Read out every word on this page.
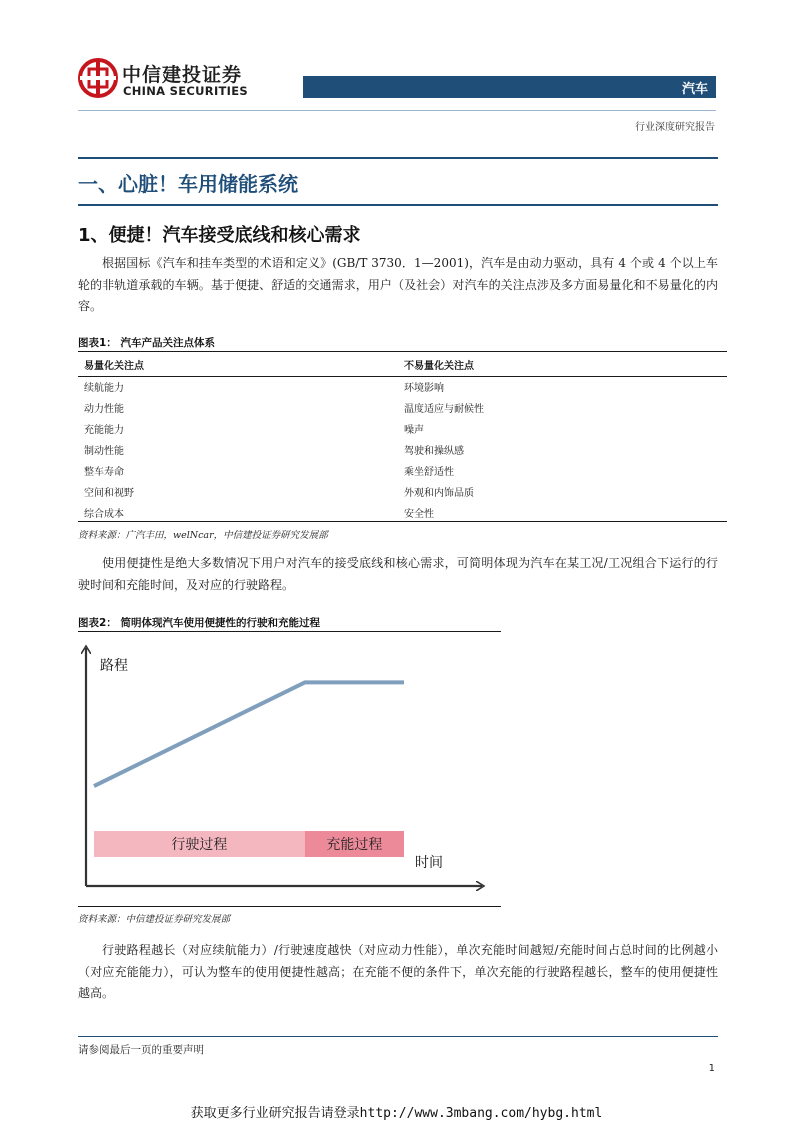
中信建投证券
CHINA SECURITIES	汽车
行业深度研究报告
一、心脏！车用储能系统
1、便捷！汽车接受底线和核心需求
根据国标《汽车和挂车类型的术语和定义》(GB/T 3730．1—2001)，汽车是由动力驱动，具有 4 个或 4 个以上车轮的非轨道承载的车辆。基于便捷、舒适的交通需求，用户（及社会）对汽车的关注点涉及多方面易量化和不易量化的内容。
图表1： 汽车产品关注点体系
易量化关注点	不易量化关注点
续航能力	环境影响
动力性能	温度适应与耐候性
充能能力	噪声
制动性能	驾驶和操纵感
整车寿命	乘坐舒适性
空间和视野	外观和内饰品质
综合成本	安全性
资料来源：广汽丰田，welNcar，中信建投证券研究发展部
使用便捷性是绝大多数情况下用户对汽车的接受底线和核心需求，可简明体现为汽车在某工况/工况组合下运行的行驶时间和充能时间，及对应的行驶路程。
图表2： 简明体现汽车使用便捷性的行驶和充能过程
路程
时间
行驶过程	充能过程
资料来源：中信建投证券研究发展部
行驶路程越长（对应续航能力）/行驶速度越快（对应动力性能），单次充能时间越短/充能时间占总时间的比例越小（对应充能能力），可认为整车的使用便捷性越高；在充能不便的条件下，单次充能的行驶路程越长，整车的使用便捷性越高。
请参阅最后一页的重要声明
1
获取更多行业研究报告请登录http://www.3mbang.com/hybg.html
